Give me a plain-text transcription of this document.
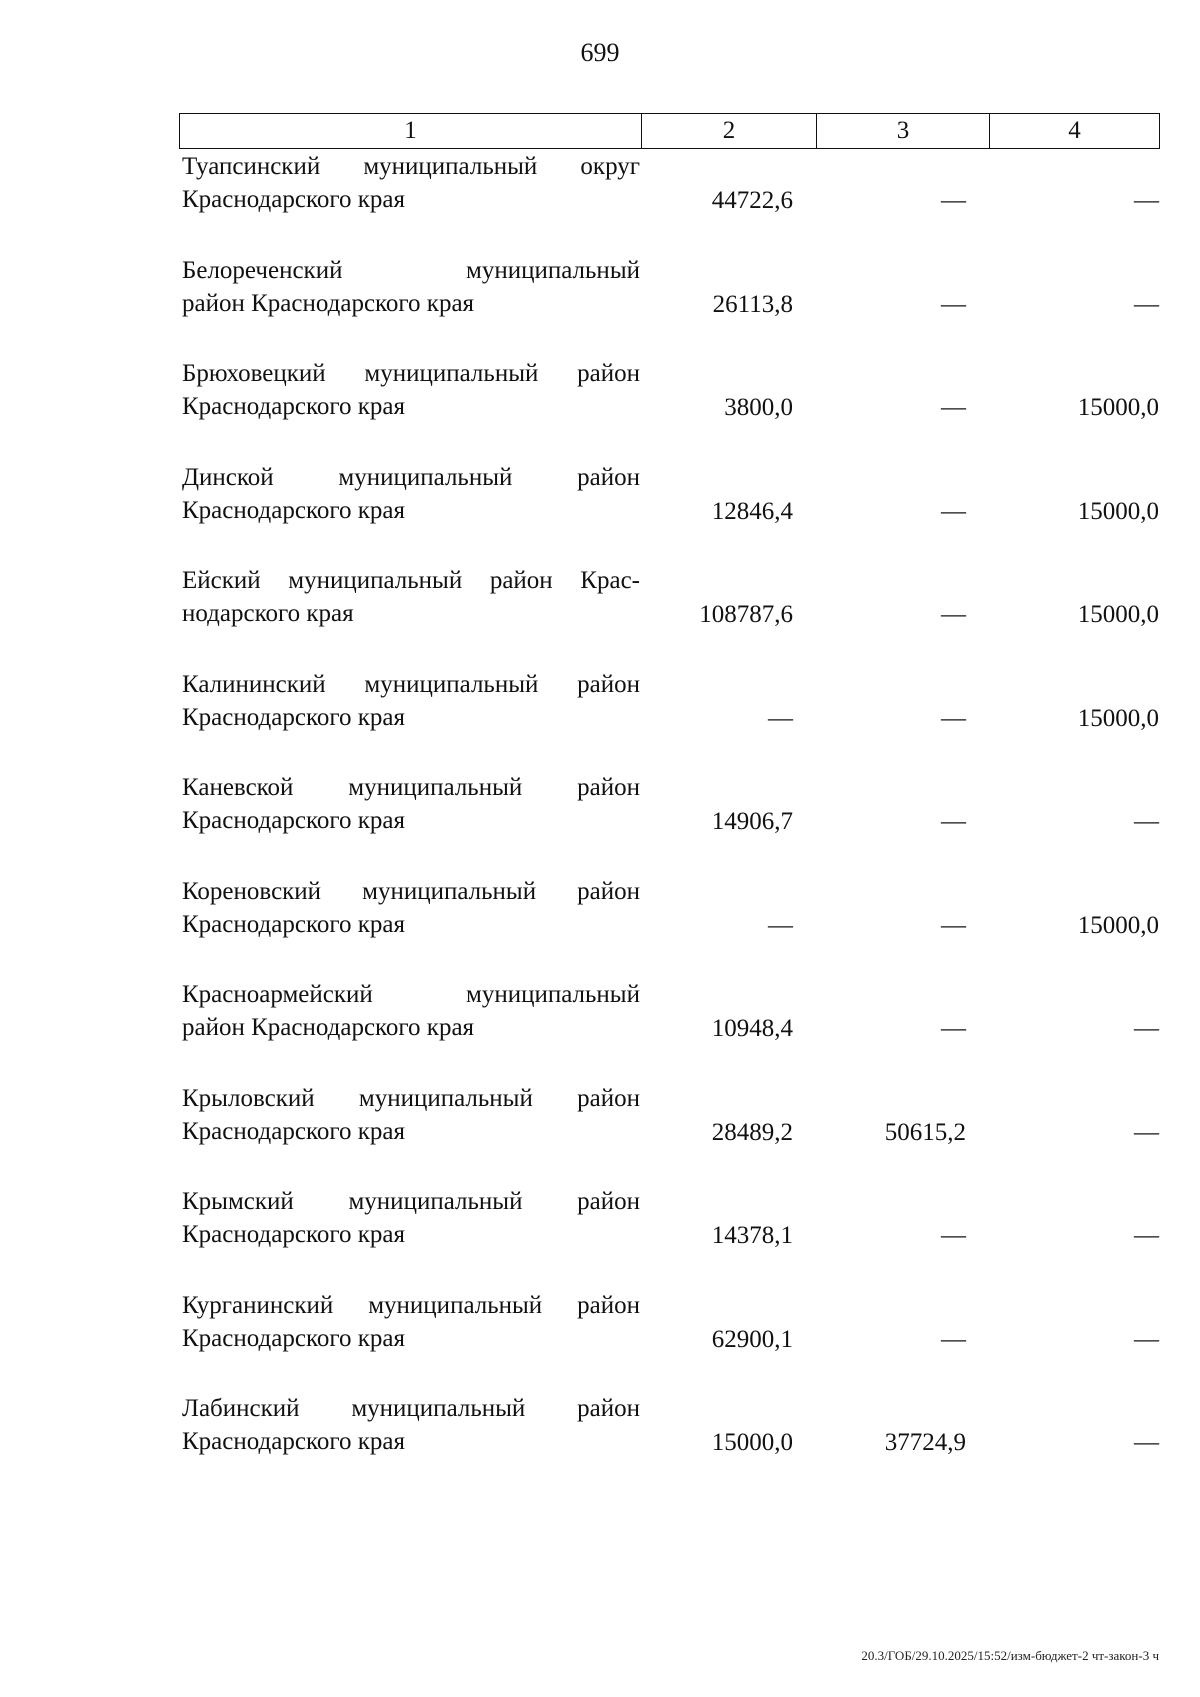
699
1	2	3	4
Туапсинский муниципальный округ
Краснодарского края	44722,6	—	—
Белореченский муниципальный
район Краснодарского края	26113,8	—	—
Брюховецкий муниципальный район
Краснодарского края	3800,0	—	15000,0
Динской муниципальный район
Краснодарского края	12846,4	—	15000,0
Ейский муниципальный район Крас-
нодарского края	108787,6	—	15000,0
Калининский муниципальный район
Краснодарского края	—	—	15000,0
Каневской муниципальный район
Краснодарского края	14906,7	—	—
Кореновский муниципальный район
Краснодарского края	—	—	15000,0
Красноармейский муниципальный
район Краснодарского края	10948,4	—	—
Крыловский муниципальный район
Краснодарского края	28489,2	50615,2	—
Крымский муниципальный район
Краснодарского края	14378,1	—	—
Курганинский муниципальный район
Краснодарского края	62900,1	—	—
Лабинский муниципальный район
Краснодарского края	15000,0	37724,9	—
20.3/ГОБ/29.10.2025/15:52/изм-бюджет-2 чт-закон-3 ч
